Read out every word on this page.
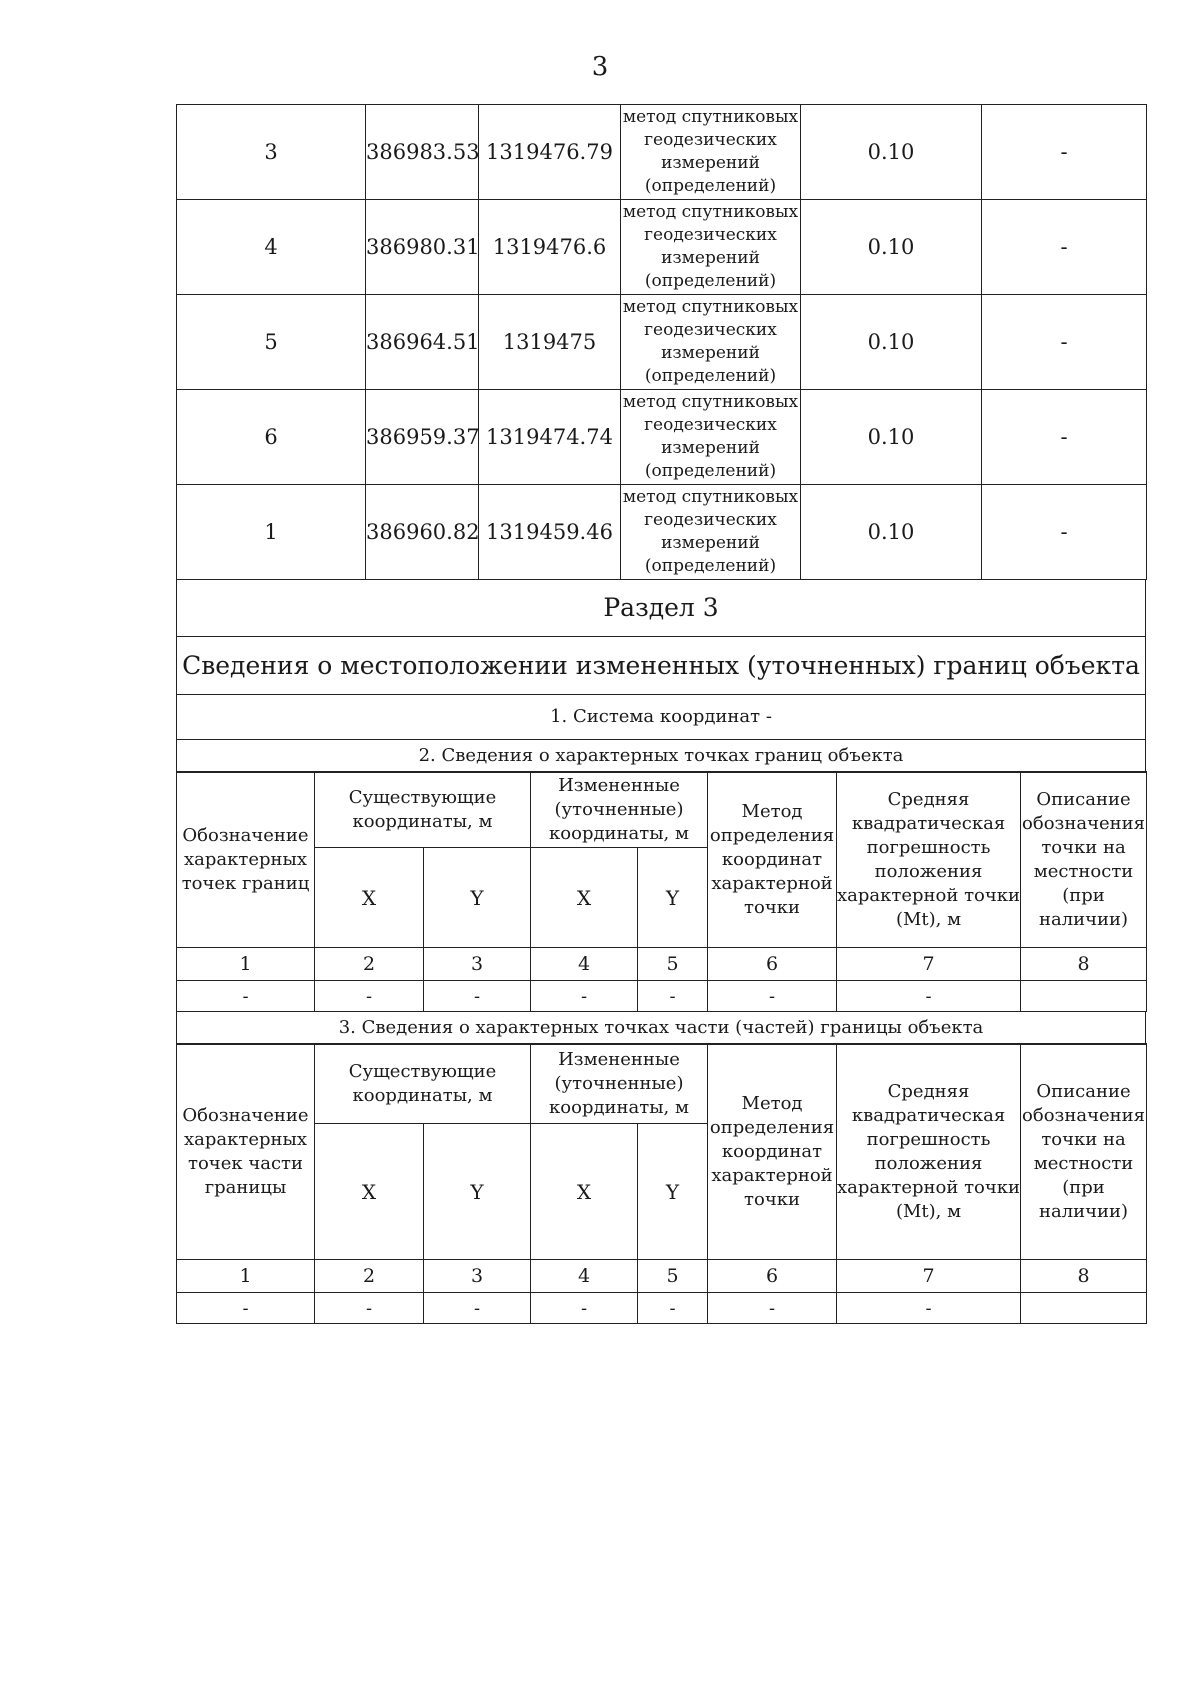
3
3	386983.53	1319476.79	метод спутниковых геодезических измерений (определений)	0.10	-
4	386980.31	1319476.6	метод спутниковых геодезических измерений (определений)	0.10	-
5	386964.51	1319475	метод спутниковых геодезических измерений (определений)	0.10	-
6	386959.37	1319474.74	метод спутниковых геодезических измерений (определений)	0.10	-
1	386960.82	1319459.46	метод спутниковых геодезических измерений (определений)	0.10	-
Раздел 3
Сведения о местоположении измененных (уточненных) границ объекта
1. Система координат -
2. Сведения о характерных точках границ объекта
Обозначение характерных точек границ	Существующие координаты, м		Измененные (уточненные) координаты, м		Метод определения координат характерной точки	Средняя квадратическая погрешность положения характерной точки (Mt), м	Описание обозначения точки на местности (при наличии)
	X	Y	X	Y			
1	2	3	4	5	6	7	8
-	-	-	-	-	-	-	
3. Сведения о характерных точках части (частей) границы объекта
Обозначение характерных точек части границы	Существующие координаты, м		Измененные (уточненные) координаты, м		Метод определения координат характерной точки	Средняя квадратическая погрешность положения характерной точки (Mt), м	Описание обозначения точки на местности (при наличии)
	X	Y	X	Y			
1	2	3	4	5	6	7	8
-	-	-	-	-	-	-	
